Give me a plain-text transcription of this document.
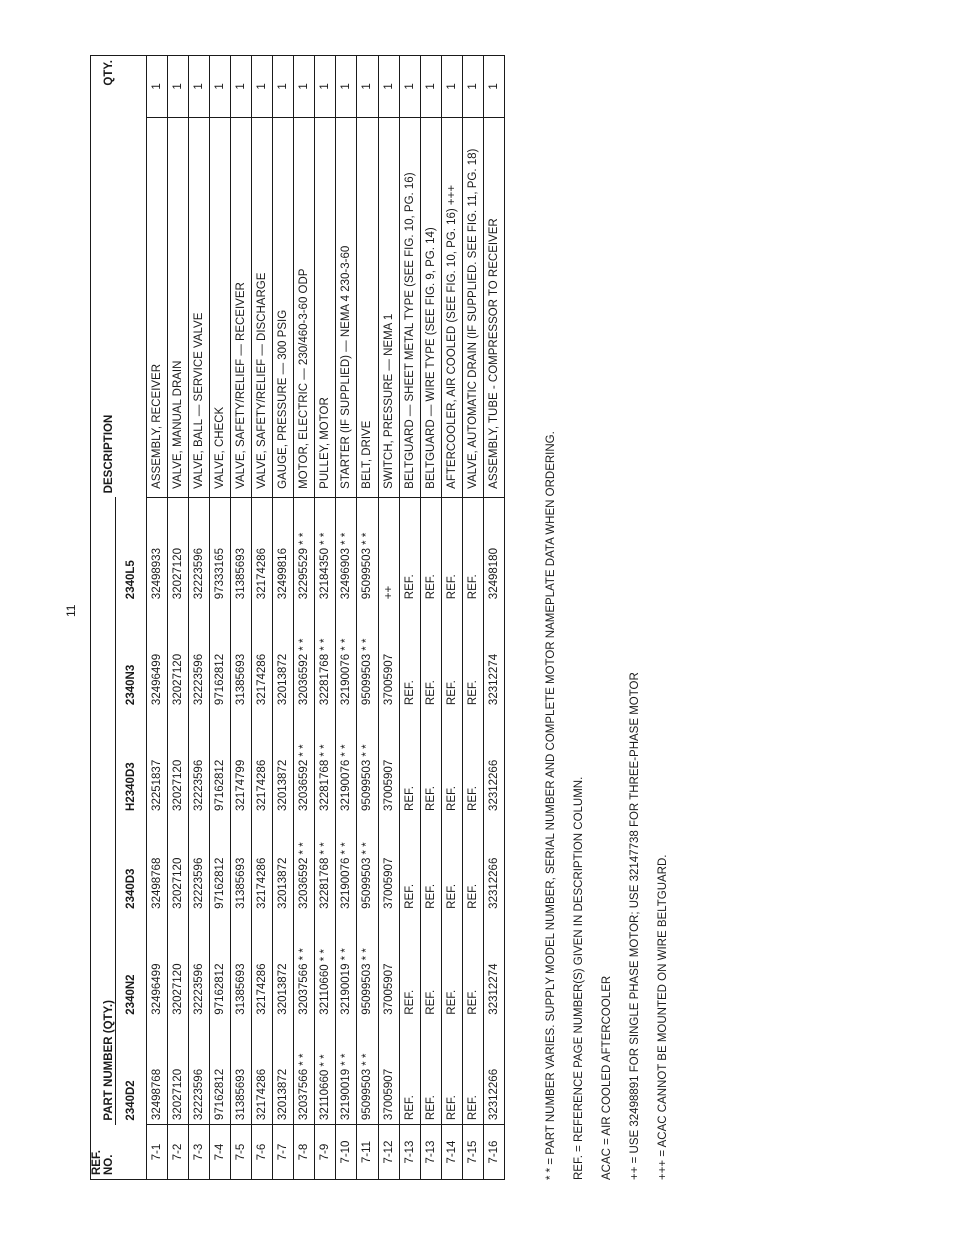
11
REF. NO.	PART NUMBER (QTY.)						DESCRIPTION	QTY.
	2340D2	2340N2	2340D3	H2340D3	2340N3	2340L5		
7-1	32498768	32496499	32498768	32251837	32496499	32498933	ASSEMBLY, RECEIVER	1
7-2	32027120	32027120	32027120	32027120	32027120	32027120	VALVE, MANUAL DRAIN	1
7-3	32223596	32223596	32223596	32223596	32223596	32223596	VALVE, BALL — SERVICE VALVE	1
7-4	97162812	97162812	97162812	97162812	97162812	97333165	VALVE, CHECK	1
7-5	31385693	31385693	31385693	32174799	31385693	31385693	VALVE, SAFETY/RELIEF — RECEIVER	1
7-6	32174286	32174286	32174286	32174286	32174286	32174286	VALVE, SAFETY/RELIEF — DISCHARGE	1
7-7	32013872	32013872	32013872	32013872	32013872	32499816	GAUGE, PRESSURE — 300 PSIG	1
7-8	32037566 * *	32037566 * *	32036592 * *	32036592 * *	32036592 * *	32295529 * *	MOTOR, ELECTRIC — 230/460-3-60 ODP	1
7-9	32110660 * *	32110660 * *	32281768 * *	32281768 * *	32281768 * *	32184350 * *	PULLEY, MOTOR	1
7-10	32190019 * *	32190019 * *	32190076 * *	32190076 * *	32190076 * *	32496903 * *	STARTER (IF SUPPLIED) — NEMA 4 230-3-60	1
7-11	95099503 * *	95099503 * *	95099503 * *	95099503 * *	95099503 * *	95099503 * *	BELT, DRIVE	1
7-12	37005907	37005907	37005907	37005907	37005907	++	SWITCH, PRESSURE — NEMA 1	1
7-13	REF.	REF.	REF.	REF.	REF.	REF.	BELTGUARD — SHEET METAL TYPE (SEE FIG. 10, PG. 16)	1
7-13	REF.	REF.	REF.	REF.	REF.	REF.	BELTGUARD — WIRE TYPE (SEE FIG. 9, PG. 14)	1
7-14	REF.	REF.	REF.	REF.	REF.	REF.	AFTERCOOLER, AIR COOLED (SEE FIG. 10, PG. 16) +++	1
7-15	REF.	REF.	REF.	REF.	REF.	REF.	VALVE, AUTOMATIC DRAIN (IF SUPPLIED. SEE FIG. 11, PG. 18)	1
7-16	32312266	32312274	32312266	32312266	32312274	32498180	ASSEMBLY, TUBE - COMPRESSOR TO RECEIVER	1
* * = PART NUMBER VARIES. SUPPLY MODEL NUMBER, SERIAL NUMBER AND COMPLETE MOTOR NAMEPLATE DATA WHEN ORDERING.	REF. = REFERENCE PAGE NUMBER(S) GIVEN IN DESCRIPTION COLUMN.	ACAC = AIR COOLED AFTERCOOLER	++ = USE 32498891 FOR SINGLE PHASE MOTOR; USE 32147738 FOR THREE-PHASE MOTOR	+++ = ACAC CANNOT BE MOUNTED ON WIRE BELTGUARD.
